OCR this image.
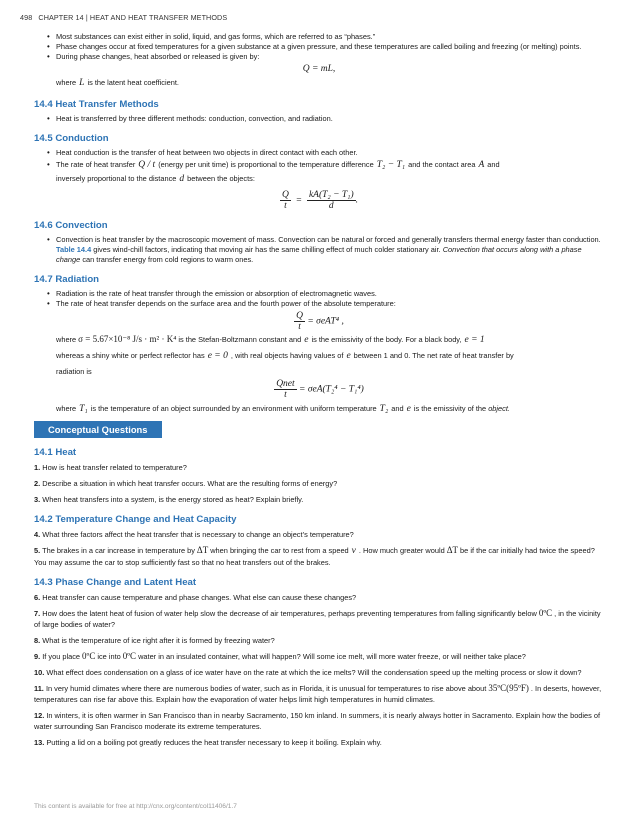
498 CHAPTER 14 | HEAT AND HEAT TRANSFER METHODS
• Most substances can exist either in solid, liquid, and gas forms, which are referred to as “phases.”
• Phase changes occur at fixed temperatures for a given substance at a given pressure, and these temperatures are called boiling and freezing (or melting) points.
• During phase changes, heat absorbed or released is given by:
Q = mL,
where L is the latent heat coefficient.
14.4 Heat Transfer Methods
• Heat is transferred by three different methods: conduction, convection, and radiation.
14.5 Conduction
• Heat conduction is the transfer of heat between two objects in direct contact with each other.
• The rate of heat transfer Q / t (energy per unit time) is proportional to the temperature difference T₂ − T₁ and the contact area A and
inversely proportional to the distance d between the objects:
$\frac{Q}{t} = \frac{\text{kA(T₂ − T₁)}}{d}$ .
14.6 Convection
• Convection is heat transfer by the macroscopic movement of mass. Convection can be natural or forced and generally transfers thermal energy faster than conduction. Table 14.4 gives wind-chill factors, indicating that moving air has the same chilling effect of much colder stationary air. Convection that occurs along with a phase change can transfer energy from cold regions to warm ones.
14.7 Radiation
• Radiation is the rate of heat transfer through the emission or absorption of electromagnetic waves.
• The rate of heat transfer depends on the surface area and the fourth power of the absolute temperature:
$\frac{Q}{t} = \sigma eAT^4$ ,
where σ = 5.67×10⁻⁸ J/s · m² · K⁴ is the Stefan-Boltzmann constant and e is the emissivity of the body. For a black body, e = 1
whereas a shiny white or perfect reflector has e = 0 , with real objects having values of e between 1 and 0. The net rate of heat transfer by
radiation is
$\frac{\text{Qnet}}{t} = \sigma eA(T_2^4 - T_1^4)$
where T₁ is the temperature of an object surrounded by an environment with uniform temperature T₂ and e is the emissivity of the object.
Conceptual Questions
14.1 Heat
1. How is heat transfer related to temperature?
2. Describe a situation in which heat transfer occurs. What are the resulting forms of energy?
3. When heat transfers into a system, is the energy stored as heat? Explain briefly.
14.2 Temperature Change and Heat Capacity
4. What three factors affect the heat transfer that is necessary to change an object’s temperature?
5. The brakes in a car increase in temperature by ΔT when bringing the car to rest from a speed v . How much greater would ΔT be if the car initially had twice the speed? You may assume the car to stop sufficiently fast so that no heat transfers out of the brakes.
14.3 Phase Change and Latent Heat
6. Heat transfer can cause temperature and phase changes. What else can cause these changes?
7. How does the latent heat of fusion of water help slow the decrease of air temperatures, perhaps preventing temperatures from falling significantly below 0ºC , in the vicinity of large bodies of water?
8. What is the temperature of ice right after it is formed by freezing water?
9. If you place 0ºC ice into 0ºC water in an insulated container, what will happen? Will some ice melt, will more water freeze, or will neither take place?
10. What effect does condensation on a glass of ice water have on the rate at which the ice melts? Will the condensation speed up the melting process or slow it down?
11. In very humid climates where there are numerous bodies of water, such as in Florida, it is unusual for temperatures to rise above about 35ºC(95ºF) . In deserts, however, temperatures can rise far above this. Explain how the evaporation of water helps limit high temperatures in humid climates.
12. In winters, it is often warmer in San Francisco than in nearby Sacramento, 150 km inland. In summers, it is nearly always hotter in Sacramento. Explain how the bodies of water surrounding San Francisco moderate its extreme temperatures.
13. Putting a lid on a boiling pot greatly reduces the heat transfer necessary to keep it boiling. Explain why.
This content is available for free at http://cnx.org/content/col11406/1.7
